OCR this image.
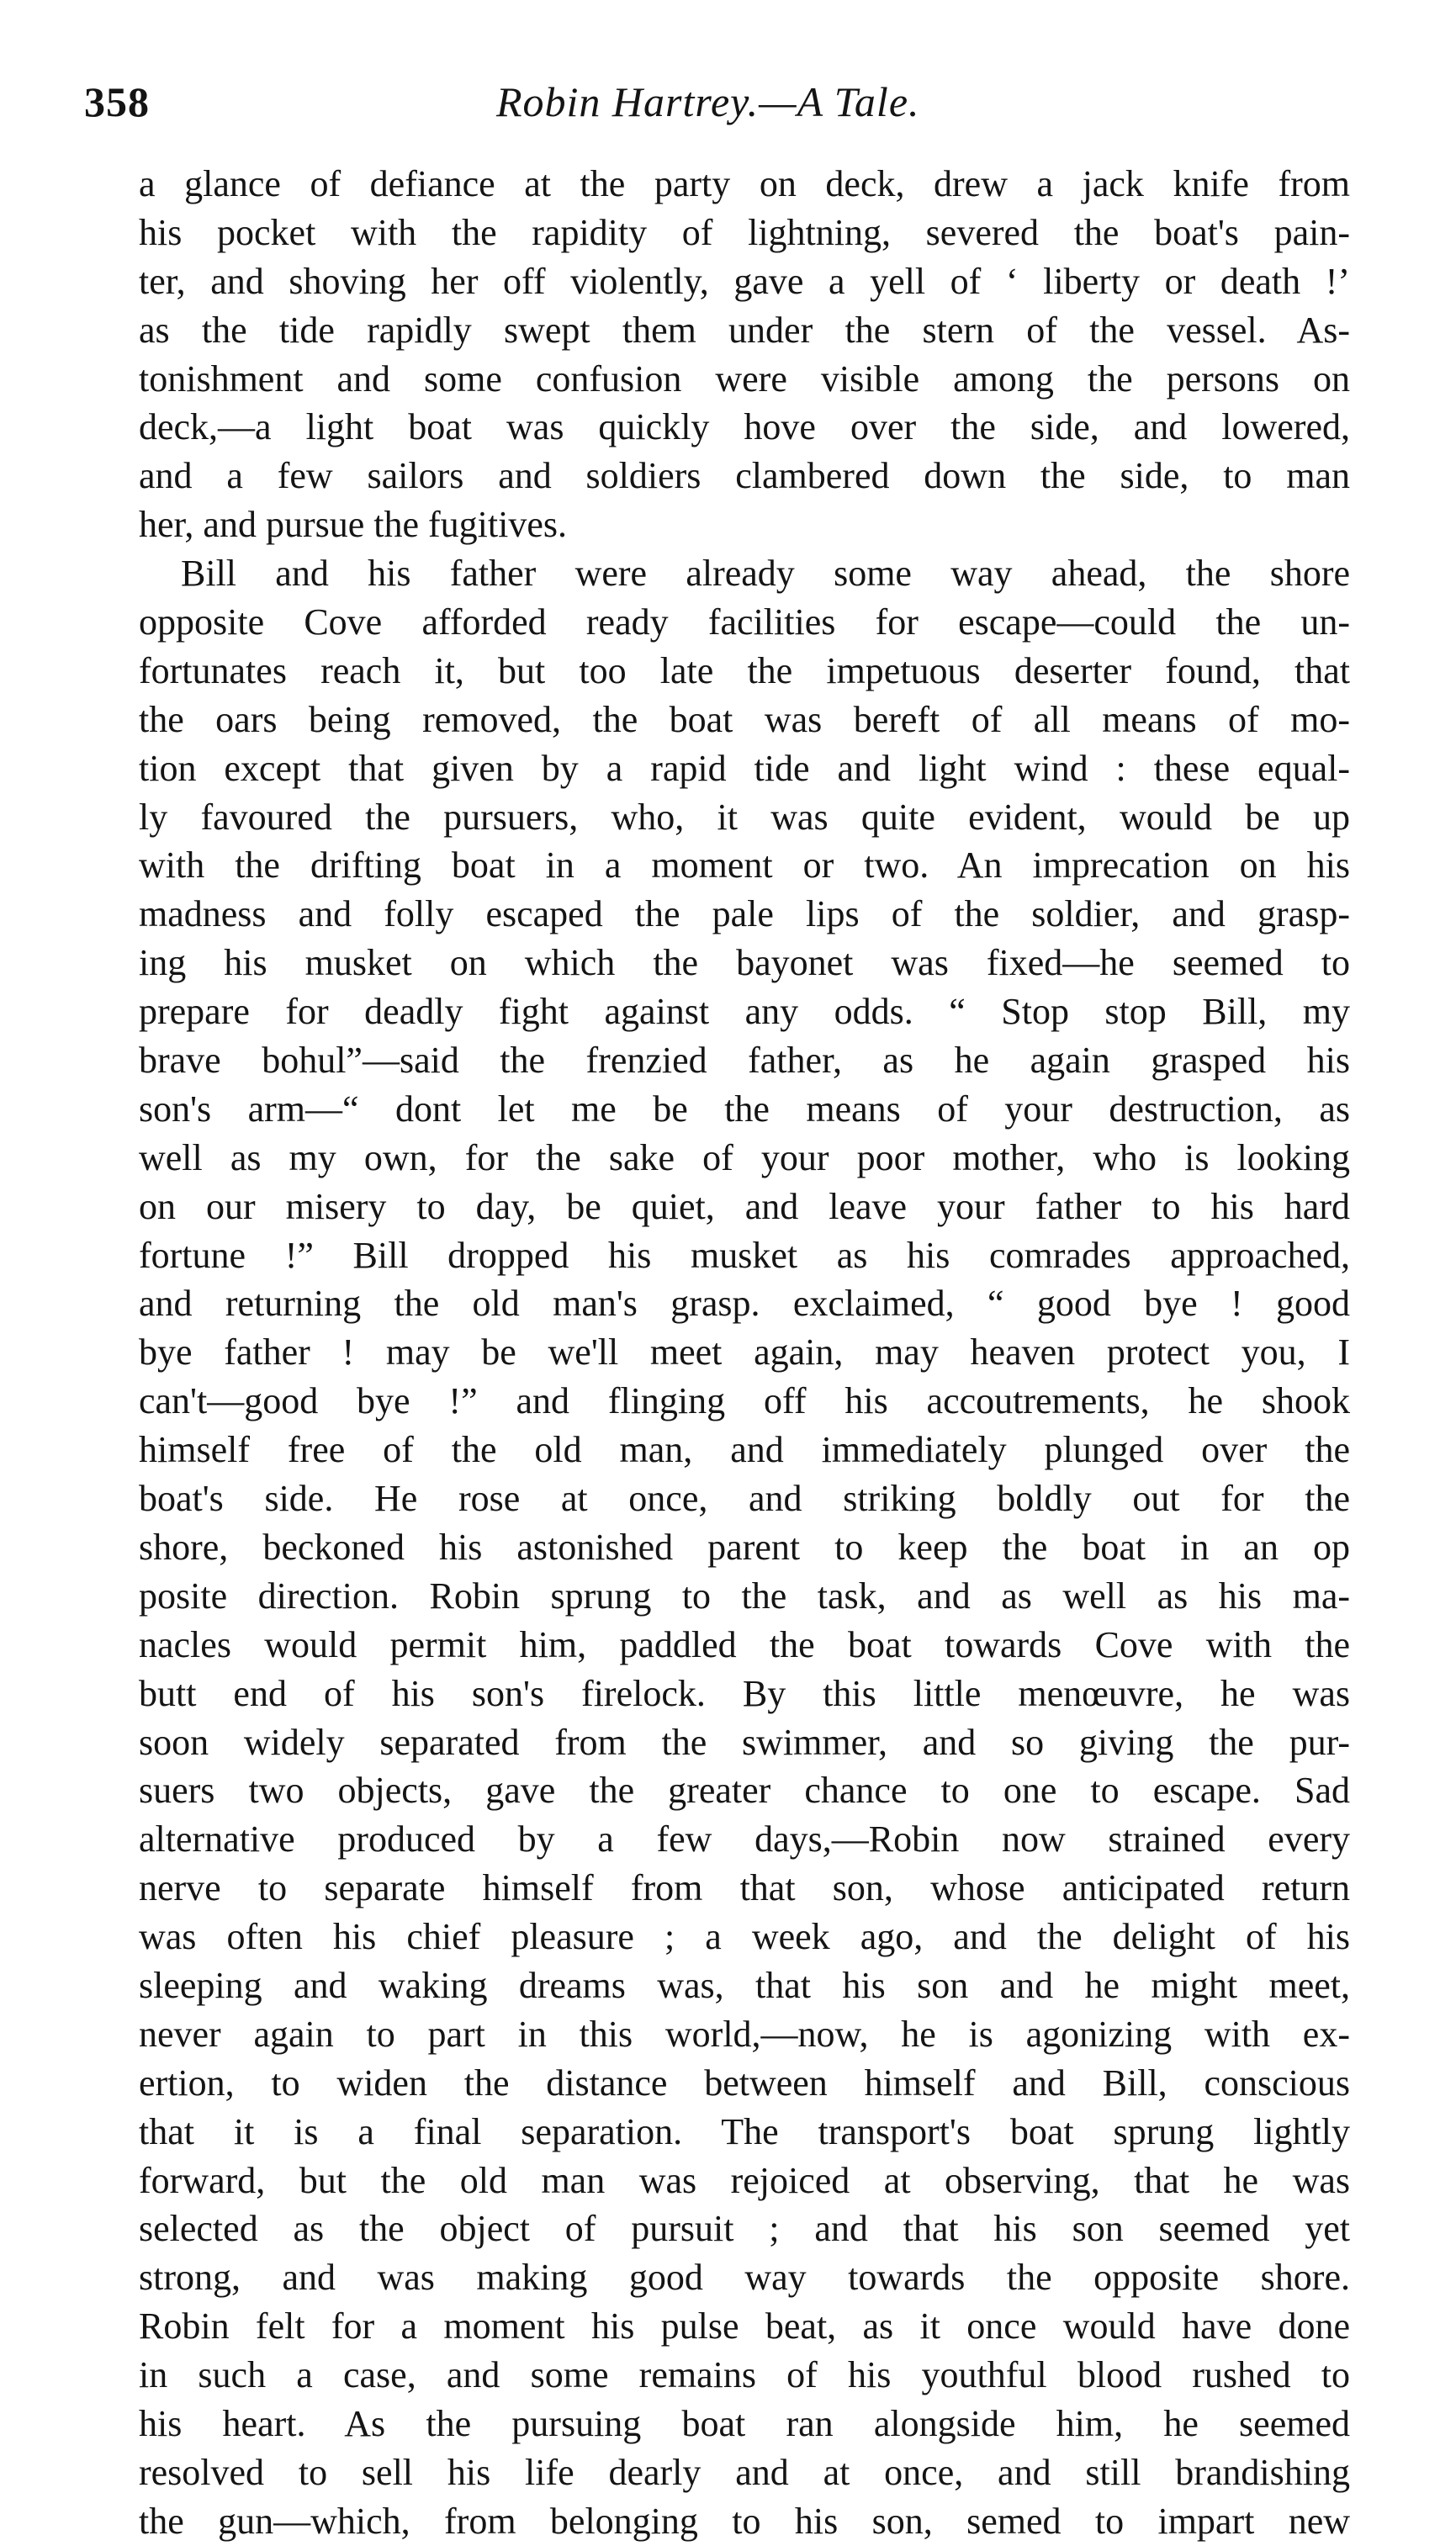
358	Robin Hartrey.—A Tale.
a glance of defiance at the party on deck, drew a jack knife from
his pocket with the rapidity of lightning, severed the boat's pain-
ter, and shoving her off violently, gave a yell of ‘ liberty or death !’
as the tide rapidly swept them under the stern of the vessel. As-
tonishment and some confusion were visible among the persons on
deck,—a light boat was quickly hove over the side, and lowered,
and a few sailors and soldiers clambered down the side, to man
her, and pursue the fugitives.
Bill and his father were already some way ahead, the shore
opposite Cove afforded ready facilities for escape—could the un-
fortunates reach it, but too late the impetuous deserter found, that
the oars being removed, the boat was bereft of all means of mo-
tion except that given by a rapid tide and light wind : these equal-
ly favoured the pursuers, who, it was quite evident, would be up
with the drifting boat in a moment or two. An imprecation on his
madness and folly escaped the pale lips of the soldier, and grasp-
ing his musket on which the bayonet was fixed—he seemed to
prepare for deadly fight against any odds. “ Stop stop Bill, my
brave bohul”—said the frenzied father, as he again grasped his
son's arm—“ dont let me be the means of your destruction, as
well as my own, for the sake of your poor mother, who is looking
on our misery to day, be quiet, and leave your father to his hard
fortune !” Bill dropped his musket as his comrades approached,
and returning the old man's grasp. exclaimed, “ good bye ! good
bye father ! may be we'll meet again, may heaven protect you, I
can't—good bye !” and flinging off his accoutrements, he shook
himself free of the old man, and immediately plunged over the
boat's side. He rose at once, and striking boldly out for the
shore, beckoned his astonished parent to keep the boat in an op
posite direction. Robin sprung to the task, and as well as his ma-
nacles would permit him, paddled the boat towards Cove with the
butt end of his son's firelock. By this little menœuvre, he was
soon widely separated from the swimmer, and so giving the pur-
suers two objects, gave the greater chance to one to escape. Sad
alternative produced by a few days,—Robin now strained every
nerve to separate himself from that son, whose anticipated return
was often his chief pleasure ; a week ago, and the delight of his
sleeping and waking dreams was, that his son and he might meet,
never again to part in this world,—now, he is agonizing with ex-
ertion, to widen the distance between himself and Bill, conscious
that it is a final separation. The transport's boat sprung lightly
forward, but the old man was rejoiced at observing, that he was
selected as the object of pursuit ; and that his son seemed yet
strong, and was making good way towards the opposite shore.
Robin felt for a moment his pulse beat, as it once would have done
in such a case, and some remains of his youthful blood rushed to
his heart. As the pursuing boat ran alongside him, he seemed
resolved to sell his life dearly and at once, and still brandishing
the gun—which, from belonging to his son, semed to impart new
